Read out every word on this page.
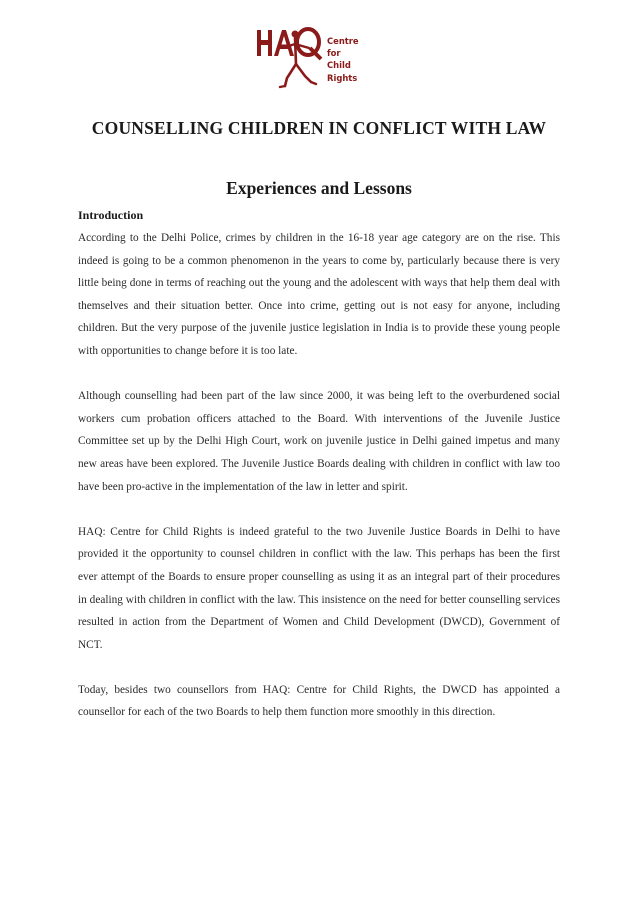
Centre
for
Child
Rights
COUNSELLING CHILDREN IN CONFLICT WITH LAW
Experiences and Lessons
Introduction

According to the Delhi Police, crimes by children in the 16-18 year age category are on the rise. This indeed is going to be a common phenomenon in the years to come by, particularly because there is very little being done in terms of reaching out the young and the adolescent with ways that help them deal with themselves and their situation better. Once into crime, getting out is not easy for anyone, including children. But the very purpose of the juvenile justice legislation in India is to provide these young people with opportunities to change before it is too late.

Although counselling had been part of the law since 2000, it was being left to the overburdened social workers cum probation officers attached to the Board. With interventions of the Juvenile Justice Committee set up by the Delhi High Court, work on juvenile justice in Delhi gained impetus and many new areas have been explored. The Juvenile Justice Boards dealing with children in conflict with law too have been pro-active in the implementation of the law in letter and spirit.

HAQ: Centre for Child Rights is indeed grateful to the two Juvenile Justice Boards in Delhi to have provided it the opportunity to counsel children in conflict with the law. This perhaps has been the first ever attempt of the Boards to ensure proper counselling as using it as an integral part of their procedures in dealing with children in conflict with the law. This insistence on the need for better counselling services resulted in action from the Department of Women and Child Development (DWCD), Government of NCT.

Today, besides two counsellors from HAQ: Centre for Child Rights, the DWCD has appointed a counsellor for each of the two Boards to help them function more smoothly in this direction.
